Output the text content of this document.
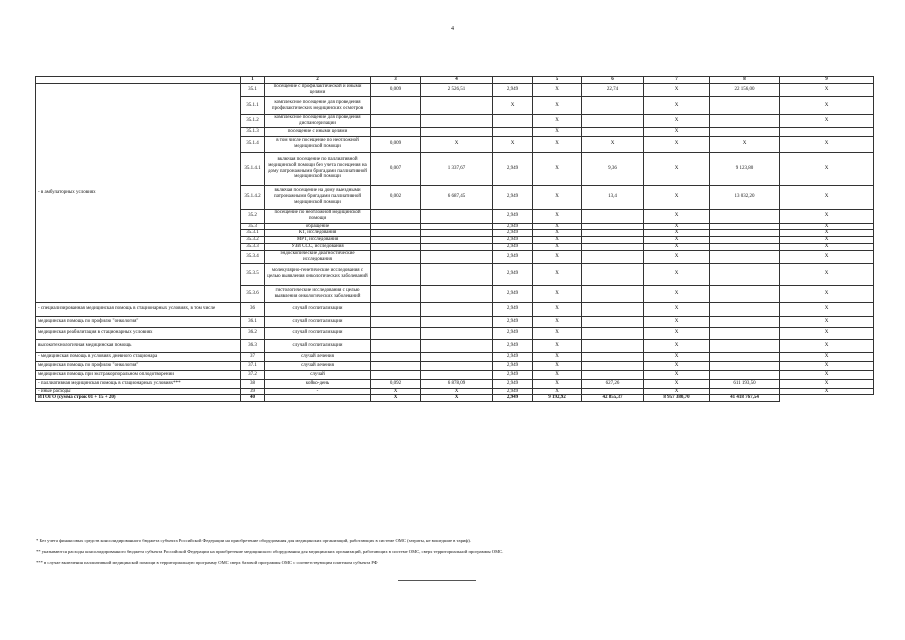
4
	1	2	3	4		5	6	7	8	9
- в амбулаторных условиях	35.1	посещение с профилактической и иными целями	0,009	2 526,51	2,949	X	22,74	X	22 156,00	X
	35.1.1	комплексное посещение для проведения профилактических медицинских осмотров			X	X		X		X
	35.1.2	комплексное посещение для проведения диспансеризации				X		X		X
	35.1.3	посещение с иными целями				X		X		
	35.1.4	в том числе посещение по неотложной медицинской помощи	0,009	X	X	X	X	X	X	X
	35.1.4.1	включая посещение по паллиативной медицинской помощи без учета посещения на дому патронажными бригадами паллиативной медицинской помощи	0,007	1 337,67	2,949	X	9,36	X	9 123,80	X
	35.1.4.2	включая посещение на дому выездными патронажными бригадами паллиативной медицинской помощи	0,002	6 687,45	2,949	X	13,4	X	13 032,20	X
	35.2	посещение по неотложной медицинской помощи			2,949	X		X		X
	35.3	обращение			2,949	X		X		X
	35.3.1	КТ, исследования			2,949	X		X		X
	35.3.2	МРТ, исследования			2,949	X		X		X
	35.3.3	УЗИ ССС, исследования			2,949	X		X		X
	35.3.4	эндоскопические диагностические исследования			2,949	X		X		X
	35.3.5	молекулярно-генетические исследования с целью выявления онкологических заболеваний			2,949	X		X		X
	35.3.6	гистологические исследования с целью выявления онкологических заболеваний			2,949	X		X		X
- специализированная медицинская помощь в стационарных условиях, в том числе	36	случай госпитализации			2,949	X		X		X
медицинская помощь по профилю "онкология"	36.1	случай госпитализации			2,949	X		X		X
медицинская реабилитация в стационарных условиях	36.2	случай госпитализации			2,949	X		X		X
высокотехнологичная медицинская помощь	36.3	случай госпитализации			2,949	X		X		X
- медицинская помощь в условиях дневного стационара	37	случай лечения			2,949	X		X		X
медицинская помощь по профилю "онкология"	37.1	случай лечения			2,949	X		X		X
медицинская помощь при экстракорпоральном оплодотворении	37.2	случай			2,949	X		X		X
- паллиативная медицинская помощь в стационарных условиях***	38	койко-день	0,092	6 878,09	2,949	X	627,26	X	611 193,50	X
- иные расходы	39	-	X	X	2,949	X		X		X
ИТОГО (сумма строк 01 + 15 + 20)	40		X	X	2,949	9 192,92	42 855,37	8 957 380,70	41 418 767,54	
* Без учета финансовых средств консолидированного бюджета субъекта Российской Федерации на приобретение оборудования для медицинских организаций, работающих в системе ОМС (затраты, не вошедшие в тариф).
** указываются расходы консолидированного бюджета субъекта Российской Федерации на приобретение медицинского оборудования для медицинских организаций, работающих в системе ОМС, сверх территориальной программы ОМС.
*** в случае включения паллиативной медицинской помощи в территориальную программу ОМС сверх базовой программы ОМС с соответствующим платежом субъекта РФ
